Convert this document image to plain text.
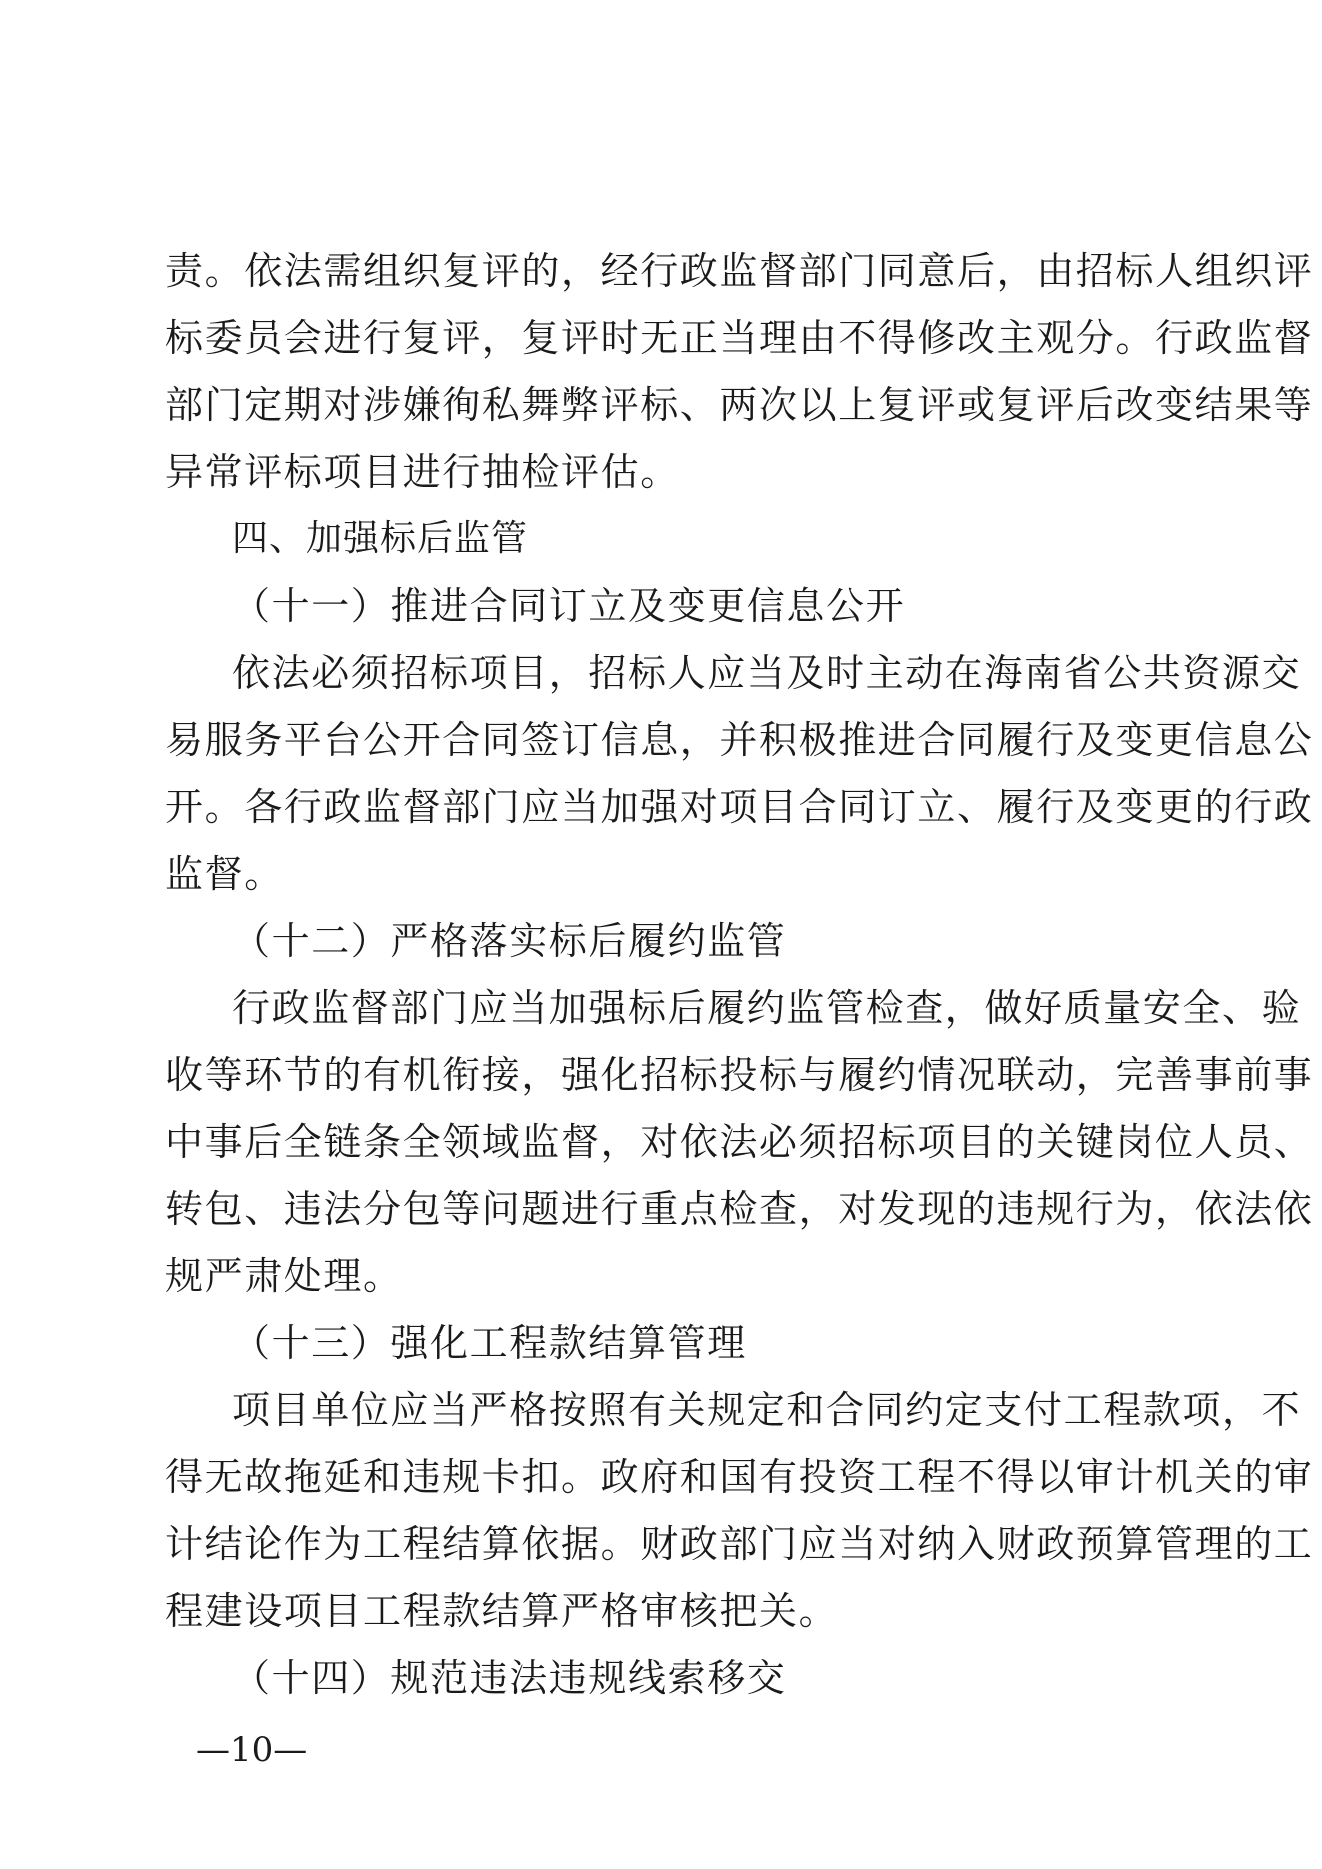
责。依法需组织复评的，经行政监督部门同意后，由招标人组织评
标委员会进行复评，复评时无正当理由不得修改主观分。行政监督
部门定期对涉嫌徇私舞弊评标、两次以上复评或复评后改变结果等
异常评标项目进行抽检评估。
四、加强标后监管
（十一）推进合同订立及变更信息公开
依法必须招标项目，招标人应当及时主动在海南省公共资源交
易服务平台公开合同签订信息，并积极推进合同履行及变更信息公
开。各行政监督部门应当加强对项目合同订立、履行及变更的行政
监督。
（十二）严格落实标后履约监管
行政监督部门应当加强标后履约监管检查，做好质量安全、验
收等环节的有机衔接，强化招标投标与履约情况联动，完善事前事
中事后全链条全领域监督，对依法必须招标项目的关键岗位人员、
转包、违法分包等问题进行重点检查，对发现的违规行为，依法依
规严肃处理。
（十三）强化工程款结算管理
项目单位应当严格按照有关规定和合同约定支付工程款项，不
得无故拖延和违规卡扣。政府和国有投资工程不得以审计机关的审
计结论作为工程结算依据。财政部门应当对纳入财政预算管理的工
程建设项目工程款结算严格审核把关。
（十四）规范违法违规线索移交
—10—
